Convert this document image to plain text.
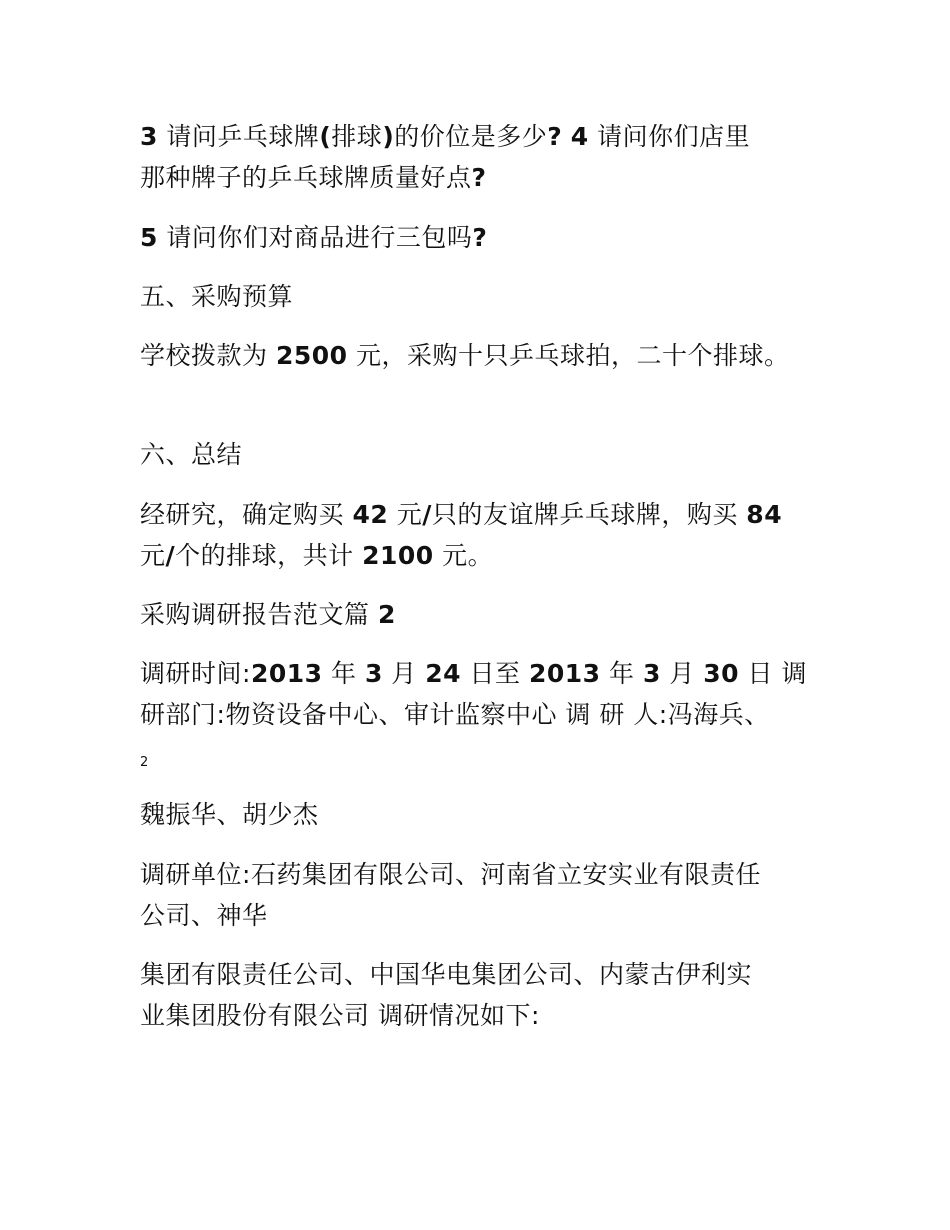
3 请问乒乓球牌(排球)的价位是多少? 4 请问你们店里
那种牌子的乒乓球牌质量好点?
5 请问你们对商品进行三包吗?
五、采购预算
学校拨款为 2500 元，采购十只乒乓球拍，二十个排球。
六、总结
经研究，确定购买 42 元/只的友谊牌乒乓球牌，购买 84
元/个的排球，共计 2100 元。
采购调研报告范文篇 2
调研时间:2013 年 3 月 24 日至 2013 年 3 月 30 日 调
研部门:物资设备中心、审计监察中心 调 研 人:冯海兵、
2
魏振华、胡少杰
调研单位:石药集团有限公司、河南省立安实业有限责任
公司、神华
集团有限责任公司、中国华电集团公司、内蒙古伊利实
业集团股份有限公司 调研情况如下:
